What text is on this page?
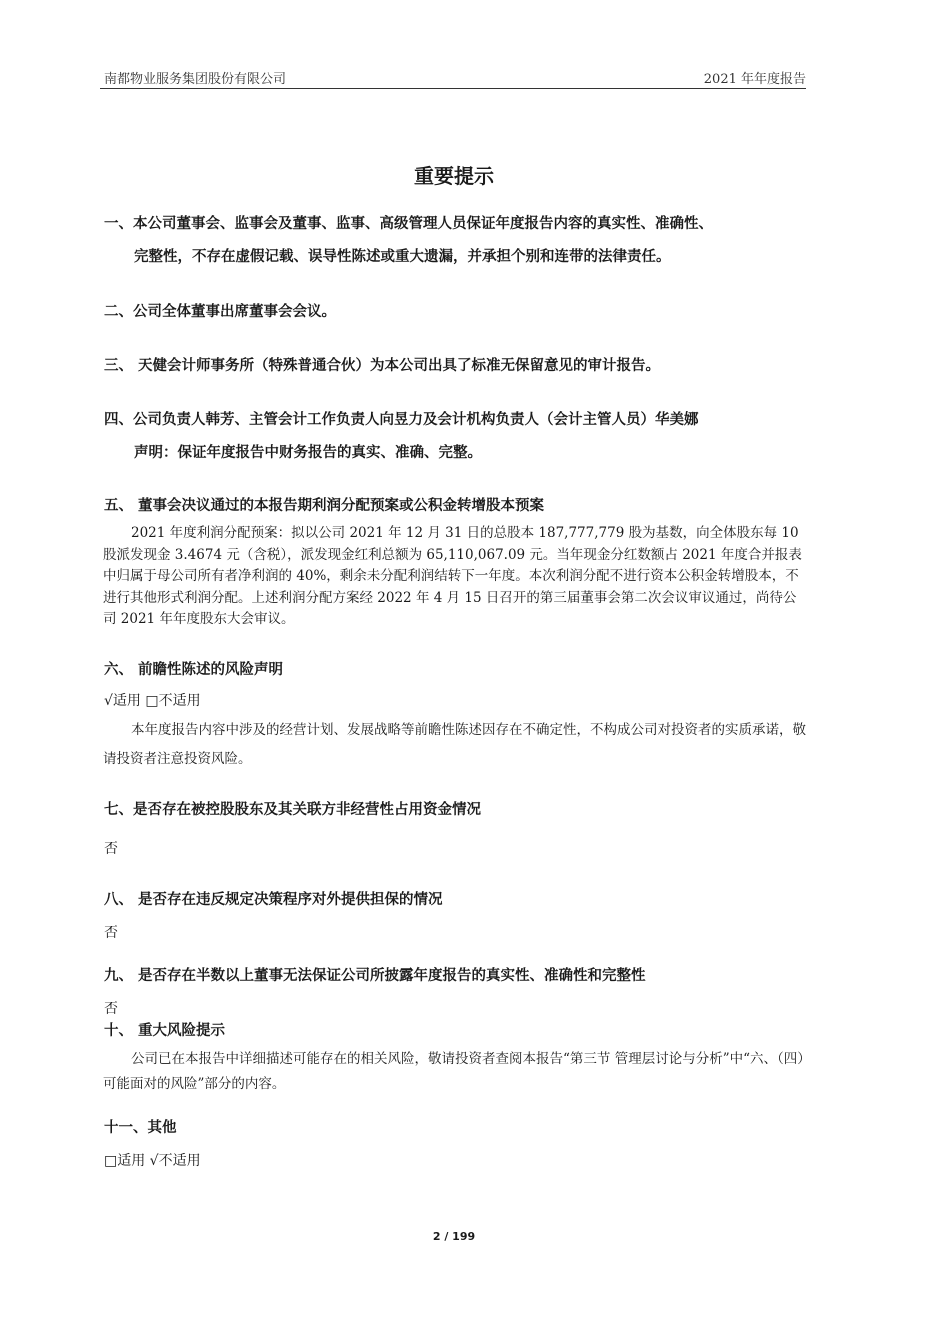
南都物业服务集团股份有限公司	2021 年年度报告
重要提示
一、本公司董事会、监事会及董事、监事、高级管理人员保证年度报告内容的真实性、准确性、
完整性，不存在虚假记载、误导性陈述或重大遗漏，并承担个别和连带的法律责任。
二、公司全体董事出席董事会会议。
三、 天健会计师事务所（特殊普通合伙）为本公司出具了标准无保留意见的审计报告。
四、公司负责人韩芳、主管会计工作负责人向昱力及会计机构负责人（会计主管人员）华美娜
声明：保证年度报告中财务报告的真实、准确、完整。
五、 董事会决议通过的本报告期利润分配预案或公积金转增股本预案
2021 年度利润分配预案：拟以公司 2021 年 12 月 31 日的总股本 187,777,779 股为基数，向全体股东每 10 股派发现金 3.4674 元（含税），派发现金红利总额为 65,110,067.09 元。当年现金分红数额占 2021 年度合并报表中归属于母公司所有者净利润的 40%，剩余未分配利润结转下一年度。本次利润分配不进行资本公积金转增股本，不进行其他形式利润分配。上述利润分配方案经 2022 年 4 月 15 日召开的第三届董事会第二次会议审议通过，尚待公司 2021 年年度股东大会审议。
六、 前瞻性陈述的风险声明
√适用 □不适用
本年度报告内容中涉及的经营计划、发展战略等前瞻性陈述因存在不确定性，不构成公司对投资者的实质承诺，敬请投资者注意投资风险。
七、是否存在被控股股东及其关联方非经营性占用资金情况
否
八、 是否存在违反规定决策程序对外提供担保的情况
否
九、 是否存在半数以上董事无法保证公司所披露年度报告的真实性、准确性和完整性
否
十、 重大风险提示
公司已在本报告中详细描述可能存在的相关风险，敬请投资者查阅本报告“第三节 管理层讨论与分析”中“六、（四）可能面对的风险”部分的内容。
十一、其他
□适用 √不适用
2 / 199
